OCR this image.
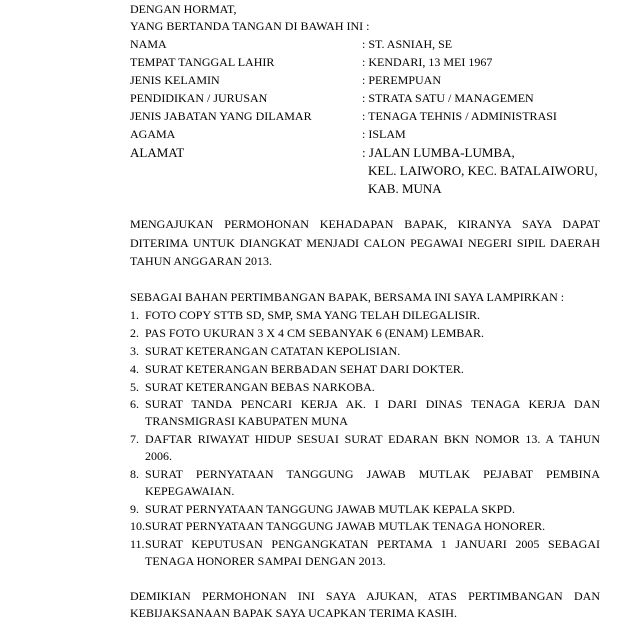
DENGAN HORMAT,
YANG BERTANDA TANGAN DI BAWAH INI :
NAMA	: ST. ASNIAH, SE
TEMPAT TANGGAL LAHIR	: KENDARI, 13 MEI 1967
JENIS KELAMIN	: PEREMPUAN
PENDIDIKAN / JURUSAN	: STRATA SATU / MANAGEMEN
JENIS JABATAN YANG DILAMAR	: TENAGA TEHNIS / ADMINISTRASI
AGAMA	: ISLAM
ALAMAT	: JALAN LUMBA-LUMBA,
KEL. LAIWORO, KEC. BATALAIWORU,
KAB. MUNA
MENGAJUKAN PERMOHONAN KEHADAPAN BAPAK, KIRANYA SAYA DAPAT
DITERIMA UNTUK DIANGKAT MENJADI CALON PEGAWAI NEGERI SIPIL DAERAH
TAHUN ANGGARAN 2013.
SEBAGAI BAHAN PERTIMBANGAN BAPAK, BERSAMA INI SAYA LAMPIRKAN :
1. FOTO COPY STTB SD, SMP, SMA YANG TELAH DILEGALISIR.
2. PAS FOTO UKURAN 3 X 4 CM SEBANYAK 6 (ENAM) LEMBAR.
3. SURAT KETERANGAN CATATAN KEPOLISIAN.
4. SURAT KETERANGAN BERBADAN SEHAT DARI DOKTER.
5. SURAT KETERANGAN BEBAS NARKOBA.
6. SURAT TANDA PENCARI KERJA AK. I DARI DINAS TENAGA KERJA DAN
TRANSMIGRASI KABUPATEN MUNA
7. DAFTAR RIWAYAT HIDUP SESUAI SURAT EDARAN BKN NOMOR 13. A TAHUN
2006.
8. SURAT PERNYATAAN TANGGUNG JAWAB MUTLAK PEJABAT PEMBINA
KEPEGAWAIAN.
9. SURAT PERNYATAAN TANGGUNG JAWAB MUTLAK KEPALA SKPD.
10. SURAT PERNYATAAN TANGGUNG JAWAB MUTLAK TENAGA HONORER.
11. SURAT KEPUTUSAN PENGANGKATAN PERTAMA 1 JANUARI 2005 SEBAGAI
TENAGA HONORER SAMPAI DENGAN 2013.
DEMIKIAN PERMOHONAN INI SAYA AJUKAN, ATAS PERTIMBANGAN DAN
KEBIJAKSANAAN BAPAK SAYA UCAPKAN TERIMA KASIH.
